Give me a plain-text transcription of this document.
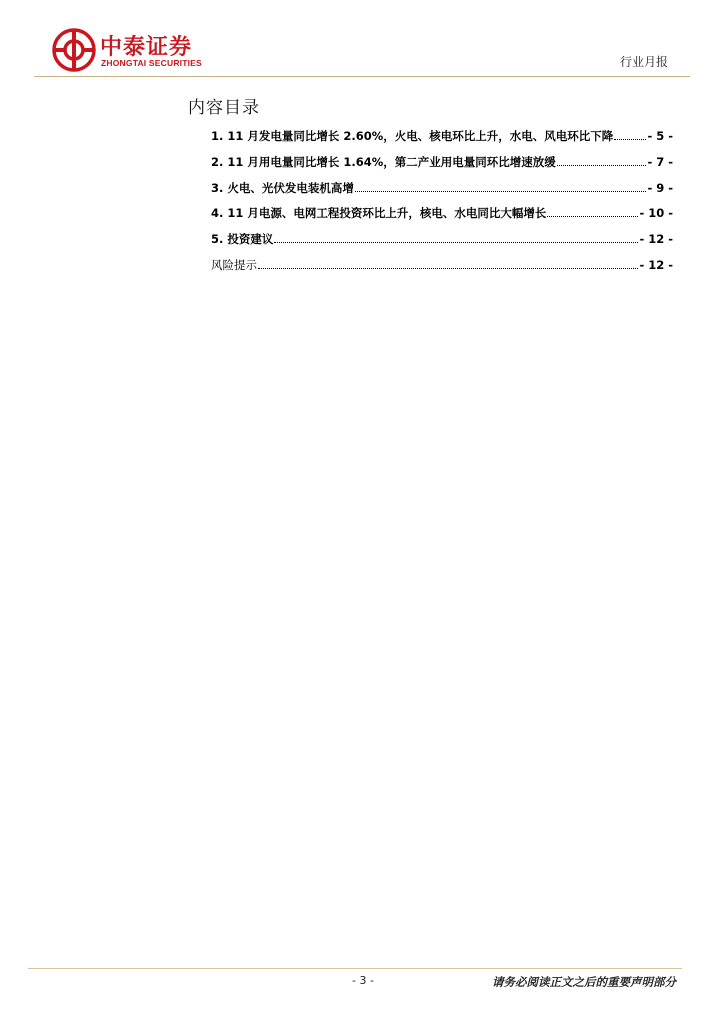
中泰证券
ZHONGTAI SECURITIES	行业月报
内容目录
1. 11 月发电量同比增长 2.60%，火电、核电环比上升，水电、风电环比下降	- 5 -
2. 11 月用电量同比增长 1.64%，第二产业用电量同环比增速放缓	- 7 -
3. 火电、光伏发电装机高增	- 9 -
4. 11 月电源、电网工程投资环比上升，核电、水电同比大幅增长	- 10 -
5. 投资建议	- 12 -
风险提示	- 12 -
- 3 -	请务必阅读正文之后的重要声明部分
